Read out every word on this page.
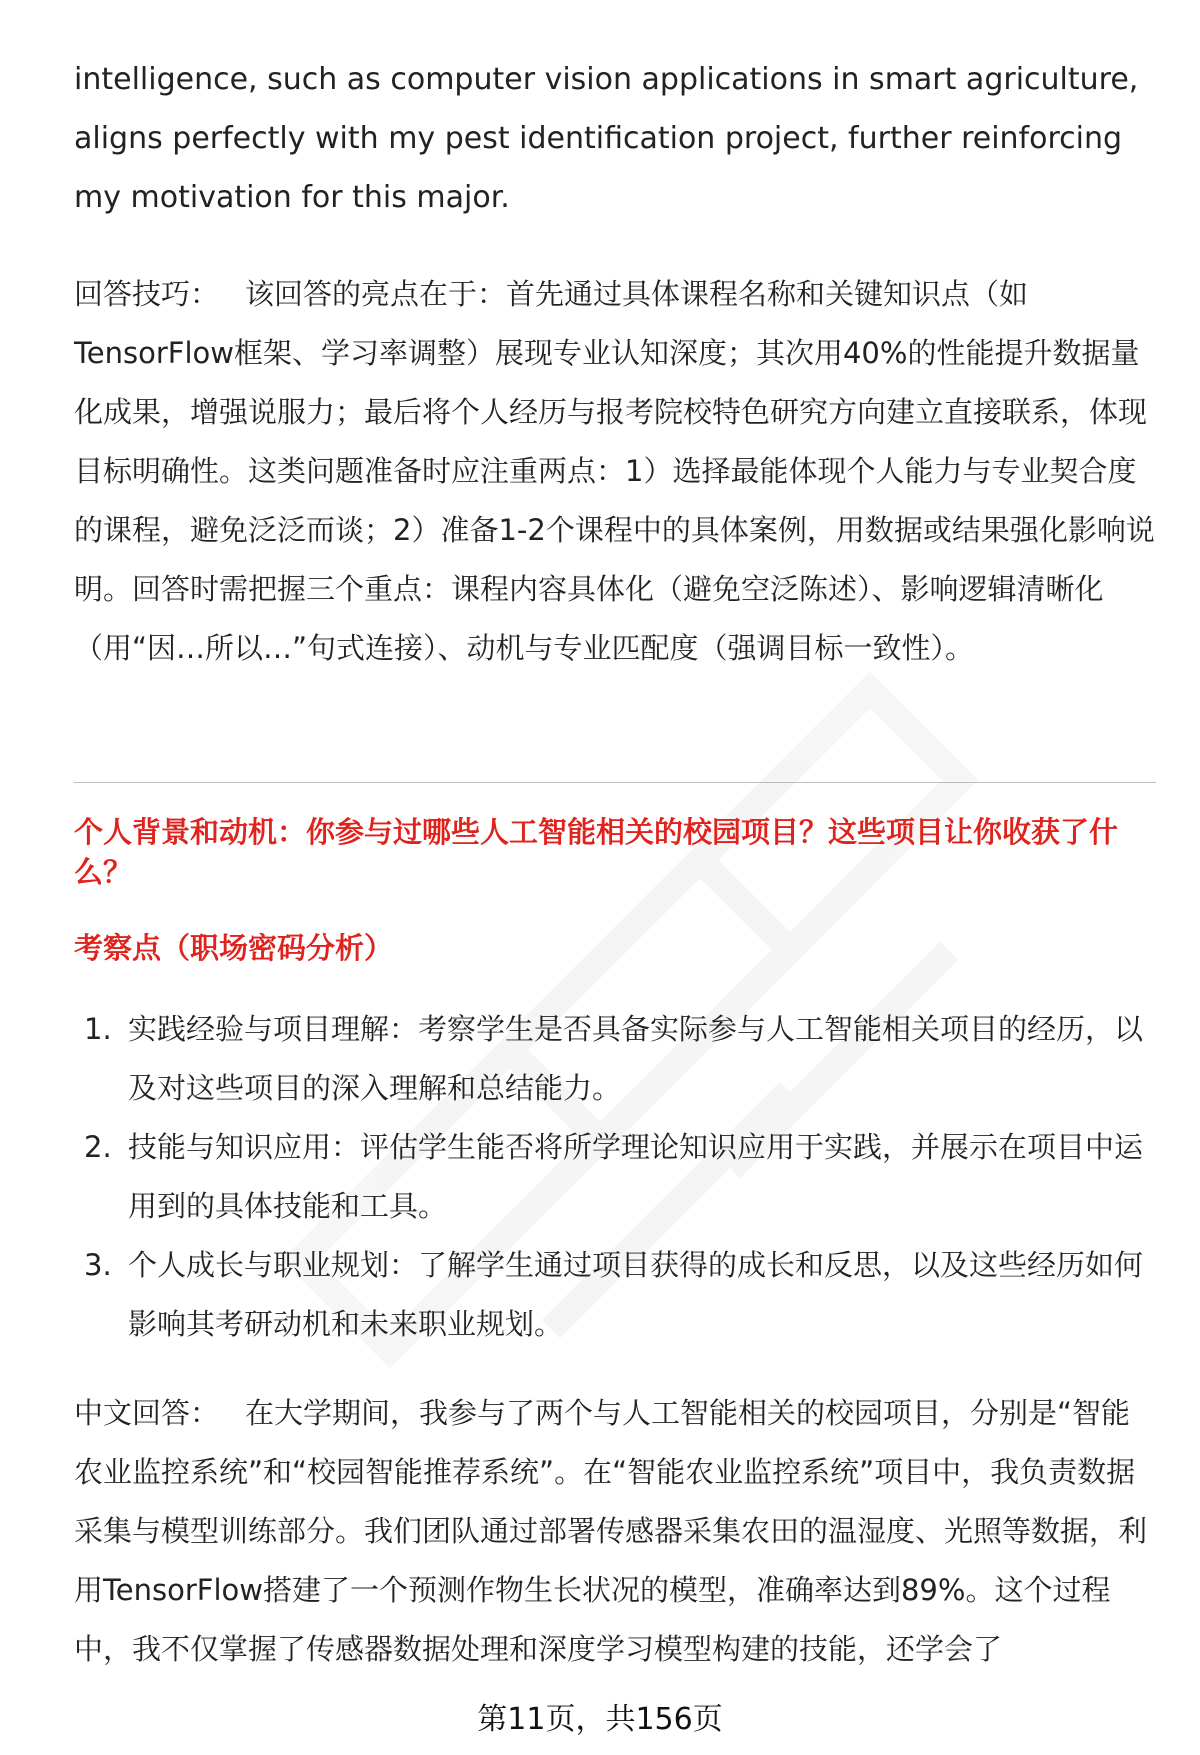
intelligence, such as computer vision applications in smart agriculture, aligns perfectly with my pest identification project, further reinforcing my motivation for this major.

回答技巧： 该回答的亮点在于：首先通过具体课程名称和关键知识点（如TensorFlow框架、学习率调整）展现专业认知深度；其次用40%的性能提升数据量化成果，增强说服力；最后将个人经历与报考院校特色研究方向建立直接联系，体现目标明确性。这类问题准备时应注重两点：1）选择最能体现个人能力与专业契合度的课程，避免泛泛而谈；2）准备1-2个课程中的具体案例，用数据或结果强化影响说明。回答时需把握三个重点：课程内容具体化（避免空泛陈述）、影响逻辑清晰化（用“因…所以…”句式连接）、动机与专业匹配度（强调目标一致性）。

个人背景和动机：你参与过哪些人工智能相关的校园项目？这些项目让你收获了什么？
考察点（职场密码分析）
1. 实践经验与项目理解：考察学生是否具备实际参与人工智能相关项目的经历，以及对这些项目的深入理解和总结能力。
2. 技能与知识应用：评估学生能否将所学理论知识应用于实践，并展示在项目中运用到的具体技能和工具。
3. 个人成长与职业规划：了解学生通过项目获得的成长和反思，以及这些经历如何影响其考研动机和未来职业规划。

中文回答： 在大学期间，我参与了两个与人工智能相关的校园项目，分别是“智能农业监控系统”和“校园智能推荐系统”。在“智能农业监控系统”项目中，我负责数据采集与模型训练部分。我们团队通过部署传感器采集农田的温湿度、光照等数据，利用TensorFlow搭建了一个预测作物生长状况的模型，准确率达到89%。这个过程中，我不仅掌握了传感器数据处理和深度学习模型构建的技能，还学会了

第11页，共156页
